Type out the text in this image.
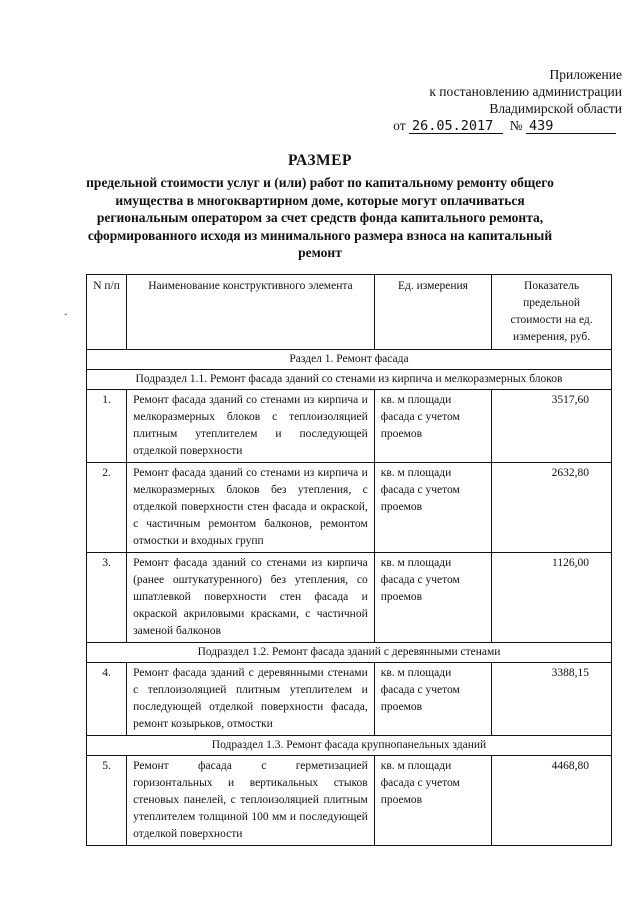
Приложение
к постановлению администрации
Владимирской области
от 26.05.2017 № 439
РАЗМЕР
предельной стоимости услуг и (или) работ по капитальному ремонту общего имущества в многоквартирном доме, которые могут оплачиваться региональным оператором за счет средств фонда капитального ремонта, сформированного исходя из минимального размера взноса на капитальный ремонт
ˇ
N п/п	Наименование конструктивного элемента	Ед. измерения	Показатель предельной стоимости на ед. измерения, руб.
Раздел 1. Ремонт фасада			
Подраздел 1.1. Ремонт фасада зданий со стенами из кирпича и мелкоразмерных блоков			
1.	Ремонт фасада зданий со стенами из кирпича и мелкоразмерных блоков с теплоизоляцией плитным утеплителем и последующей отделкой поверхности	кв. м площади фасада с учетом проемов	3517,60
2.	Ремонт фасада зданий со стенами из кирпича и мелкоразмерных блоков без утепления, с отделкой поверхности стен фасада и окраской, с частичным ремонтом балконов, ремонтом отмостки и входных групп	кв. м площади фасада с учетом проемов	2632,80
3.	Ремонт фасада зданий со стенами из кирпича (ранее оштукатуренного) без утепления, со шпатлевкой поверхности стен фасада и окраской акриловыми красками, с частичной заменой балконов	кв. м площади фасада с учетом проемов	1126,00
Подраздел 1.2. Ремонт фасада зданий с деревянными стенами			
4.	Ремонт фасада зданий с деревянными стенами с теплоизоляцией плитным утеплителем и последующей отделкой поверхности фасада, ремонт козырьков, отмостки	кв. м площади фасада с учетом проемов	3388,15
Подраздел 1.3. Ремонт фасада крупнопанельных зданий			
5.	Ремонт фасада с герметизацией горизонтальных и вертикальных стыков стеновых панелей, с теплоизоляцией плитным утеплителем толщиной 100 мм и последующей отделкой поверхности	кв. м площади фасада с учетом проемов	4468,80
